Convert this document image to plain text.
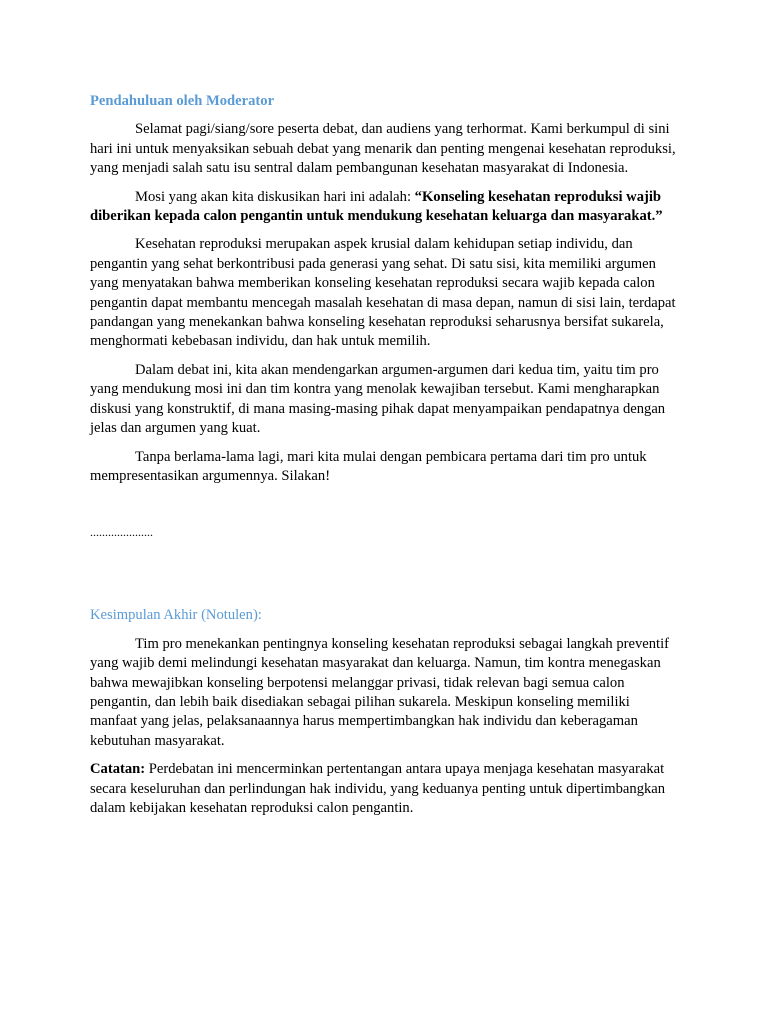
Pendahuluan oleh Moderator

Selamat pagi/siang/sore peserta debat, dan audiens yang terhormat. Kami berkumpul di sini hari ini untuk menyaksikan sebuah debat yang menarik dan penting mengenai kesehatan reproduksi, yang menjadi salah satu isu sentral dalam pembangunan kesehatan masyarakat di Indonesia.

Mosi yang akan kita diskusikan hari ini adalah: “Konseling kesehatan reproduksi wajib diberikan kepada calon pengantin untuk mendukung kesehatan keluarga dan masyarakat.”

Kesehatan reproduksi merupakan aspek krusial dalam kehidupan setiap individu, dan pengantin yang sehat berkontribusi pada generasi yang sehat. Di satu sisi, kita memiliki argumen yang menyatakan bahwa memberikan konseling kesehatan reproduksi secara wajib kepada calon pengantin dapat membantu mencegah masalah kesehatan di masa depan, namun di sisi lain, terdapat pandangan yang menekankan bahwa konseling kesehatan reproduksi seharusnya bersifat sukarela, menghormati kebebasan individu, dan hak untuk memilih.

Dalam debat ini, kita akan mendengarkan argumen-argumen dari kedua tim, yaitu tim pro yang mendukung mosi ini dan tim kontra yang menolak kewajiban tersebut. Kami mengharapkan diskusi yang konstruktif, di mana masing-masing pihak dapat menyampaikan pendapatnya dengan jelas dan argumen yang kuat.

Tanpa berlama-lama lagi, mari kita mulai dengan pembicara pertama dari tim pro untuk mempresentasikan argumennya. Silakan!

.....................
Kesimpulan Akhir (Notulen):

Tim pro menekankan pentingnya konseling kesehatan reproduksi sebagai langkah preventif yang wajib demi melindungi kesehatan masyarakat dan keluarga. Namun, tim kontra menegaskan bahwa mewajibkan konseling berpotensi melanggar privasi, tidak relevan bagi semua calon pengantin, dan lebih baik disediakan sebagai pilihan sukarela. Meskipun konseling memiliki manfaat yang jelas, pelaksanaannya harus mempertimbangkan hak individu dan keberagaman kebutuhan masyarakat.

Catatan: Perdebatan ini mencerminkan pertentangan antara upaya menjaga kesehatan masyarakat secara keseluruhan dan perlindungan hak individu, yang keduanya penting untuk dipertimbangkan dalam kebijakan kesehatan reproduksi calon pengantin.
